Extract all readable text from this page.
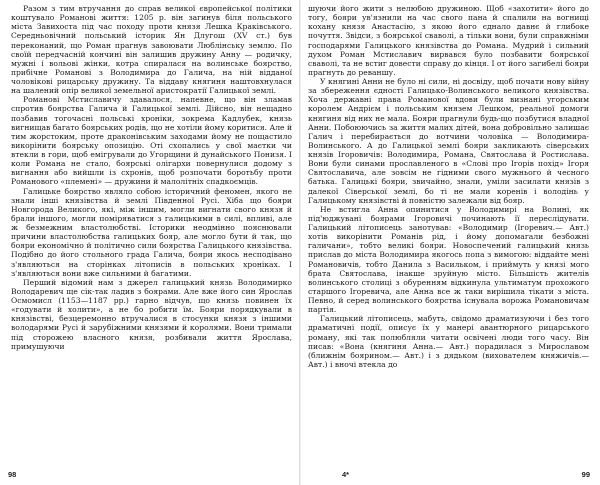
Разом з тим втручання до справ великої європейської політики коштувало Романові життя: 1205 р. він загинув біля польського міста Завихоста під час походу проти князя Лешка Краківського. Середньовічний польський історик Ян Длугош (XV ст.) був переконаний, що Роман прагнув завоювати Люблінську землю. По своїй передчасній кончині він залишив дружину Анну — родичку, мужні і вольові жінки, котра спиралася на волинське боярство, прибічне Романові з Володимира до Галича, на ній відданої чоловікові рицарську дружину. Та віддаву княгиня наштовхнулася на шалений опір великої земельної аристократії Галицької землі.

Романові Мстиславичу здавалося, напевне, що він зламав спротив боярства Галича й Галицької землі. Дійсно, він нещадно позбавив тогочасні польські хроніки, зокрема Кадлубек, князь вигнищав багато боярських родів, що не хотіли йому коритися. Але й тим жорстоким, проте драконівським заходами йому не пощастило викорінити боярську опозицію. Оті схопались у свої маєтки чи втекли в гори, щоб емігрували до Угорщини й дунайського Понизя. І коли Романа не стало, боярські олігархи повернулися додому з вигнання або вийшли із схронів, щоб розпочати боротьбу проти Романового «племені» — дружини й малолітніх спадкоємців.

Галицьке боярство являло собою історичний феномен, якого не знали інші князівства й землі Південної Русі. Хіба що бояри Новгорода Великого, які, між іншим, могли вигнати свого князя й брали іншого, могли поміряватися з галицькими в силі, впливі, але ж безмежним властолюбстві. Історики неодмінно пояснювали причини властолюбства галицьких бояр, але могло бути й так, що бояри економічно й політично сили боярства Галицького князівства. Подібно до його стольного града Галича, бояри якось несподівано з'являються на сторінках літописів в польських хроніках. І з'являються вони вже сильними й багатими.

Перший відомий нам з джерел галицький князь Володимирко Володаревич ще сік-так ладив з боярами. Але вже його син Ярослав Осмомисл (1153—1187 рр.) гарно відчув, що князь повинен їх «годувати й холити», а не бо робити їм. Бояри порядкували в князівстві, безцеремонно втручалися в стосунки князя з іншими володарями Русі й зарубіжними князями й королями. Вони тримали під сторожею власного князя, розбивали життя Ярослава, примушуючи

98

шуючи його жити з нелюбою дружиною. Щоб «захотити» його до тогу, бояри ув'язнили на час свого пана й спалили на вогнищі кохану князя Анастасію, з якою його єднало давнє й глибоке почуття. Звідси, з боярської сваволі, а тільки вони, були справжніми господарями Галицького князівства до Романа. Мудрий і сильний духом Роман Мстиславич вирвався було позбавити боярської сваволі, та не встиг довести справу до кінця. І от його загибелі бояри прагнуть до реваншу.

У княгині Анни не було ні сили, ні досвіду, щоб почати нову війну за збереження єдності Галицько-Волинського великого князівства. Хоча державні права Романової вдови були визнані угорським королем Андрієм і польським князем Лешком, реальної домоги княгиня від них не мала. Бояри прагнули будь-що позбутися владної Анни. Побоюючись за життя малих дітей, вона добровільно залишає Галич і перебирається до вотчини чоловіка — Володимира-Волинського. А до Галицької землі бояри закликають сіверських князів Ігоровичів: Володимира, Романа, Святослава й Ростислава. Вони були синами прославленого в «Слові про Ігорів похід» Ігоря Святославича, але зовсім не гідними свого мужнього й чесного батька. Галицькі бояри, звичайно, знали, уміли засилати князів з далекої Сіверської землі, бо ті не мали коренів і володінь у Галицькому князівстві й повністю залежали від бояр.

Не встигла Анна опинитися у Володимирі на Волині, як під'юджувані боярами Ігоровичі починають її переслідувати. Галицький літописець занотував: «Володимир (Ігоревич.— Авт.) хотів викорінити Романів рід, і йому допомагали безбожні галичани», тобто великі бояри. Новоспечений галицький князь прислав до міста Володимира якогось попа з вимогою: віддайте мені Романовичів, тобто Данила з Васильком, і приймуть у князі мого брата Святослава, інакше зруйную місто. Більшість жителів волинського столиці з обуренням відкинула ультиматум прохожого старшого Ігоревича, але Анна все ж таки вирішила тікати з міста. Певно, й серед волинського боярства існувала ворожа Романовичам партія.

Галицький літописець, мабуть, свідомо драматизуючи і без того драматичні події, описує їх у манері авантюрного рицарського роману, які так полюбляли читати освічені люди того часу. Він писав: «Вона (княгиня Анна.— Авт.) порадилася з Мирославом (ближнім боярином.— Авт.) і з дядьком (вихователем княжичів.— Авт.) і вночі втекла до

4*	99
